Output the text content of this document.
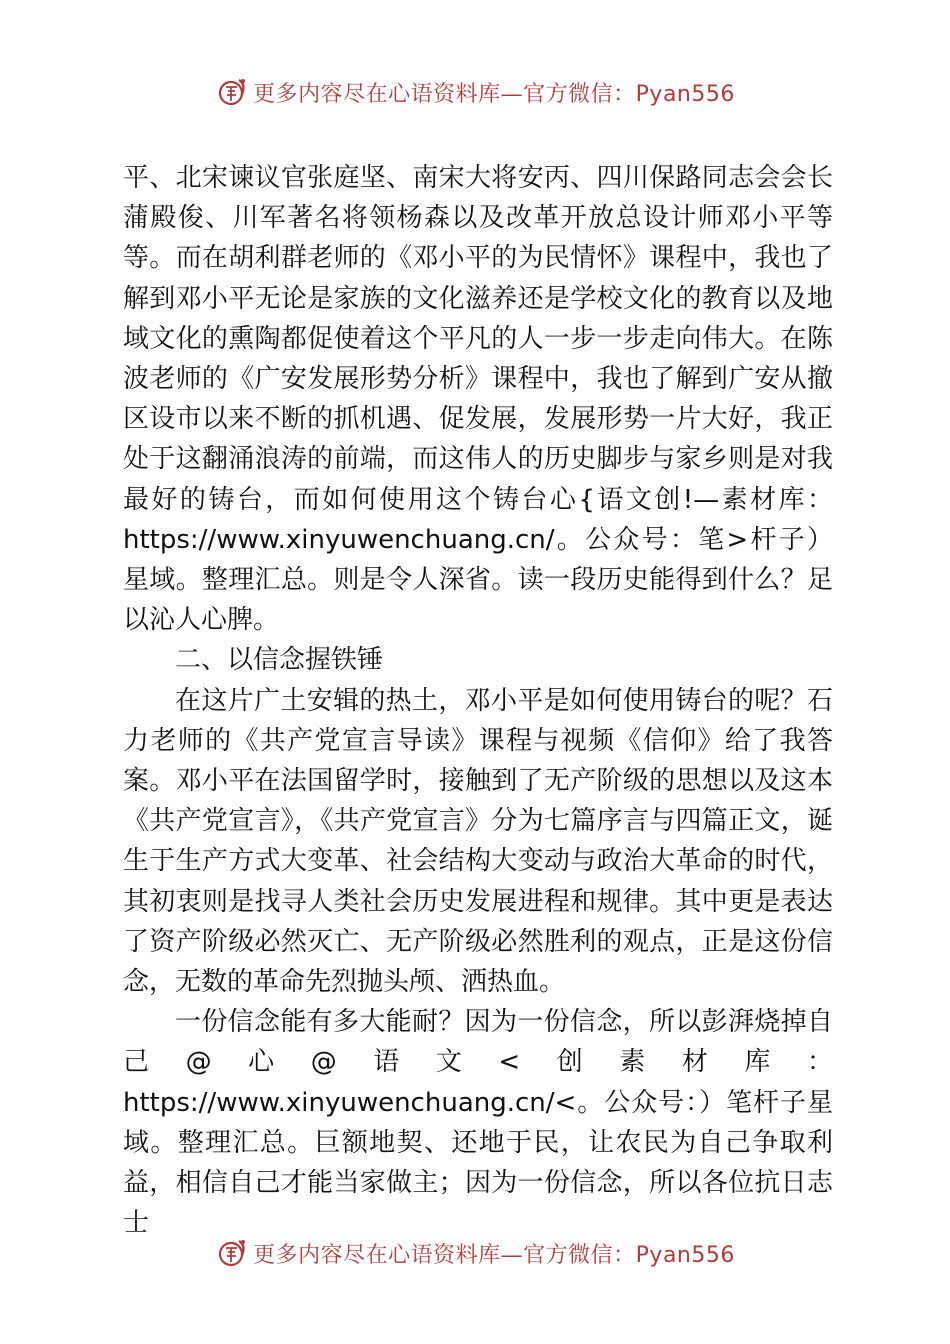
更多内容尽在心语资料库—官方微信：Pyan556

平、北宋谏议官张庭坚、南宋大将安丙、四川保路同志会会长蒲殿俊、川军著名将领杨森以及改革开放总设计师邓小平等等。而在胡利群老师的《邓小平的为民情怀》课程中，我也了解到邓小平无论是家族的文化滋养还是学校文化的教育以及地域文化的熏陶都促使着这个平凡的人一步一步走向伟大。在陈波老师的《广安发展形势分析》课程中，我也了解到广安从撤区设市以来不断的抓机遇、促发展，发展形势一片大好，我正处于这翻涌浪涛的前端，而这伟人的历史脚步与家乡则是对我最好的铸台，而如何使用这个铸台心{语文创!—素材库：https://www.xinyuwenchuang.cn/。公众号：笔>杆子）星域。整理汇总。则是令人深省。读一段历史能得到什么？足以沁人心脾。

二、以信念握铁锤

在这片广土安辑的热土，邓小平是如何使用铸台的呢？石力老师的《共产党宣言导读》课程与视频《信仰》给了我答案。邓小平在法国留学时，接触到了无产阶级的思想以及这本《共产党宣言》，《共产党宣言》分为七篇序言与四篇正文，诞生于生产方式大变革、社会结构大变动与政治大革命的时代，其初衷则是找寻人类社会历史发展进程和规律。其中更是表达了资产阶级必然灭亡、无产阶级必然胜利的观点，正是这份信念，无数的革命先烈抛头颅、洒热血。

一份信念能有多大能耐？因为一份信念，所以彭湃烧掉自己@心@语文<创素材库：https://www.xinyuwenchuang.cn/<。公众号：）笔杆子星域。整理汇总。巨额地契、还地于民，让农民为自己争取利益，相信自己才能当家做主；因为一份信念，所以各位抗日志士

更多内容尽在心语资料库—官方微信：Pyan556
